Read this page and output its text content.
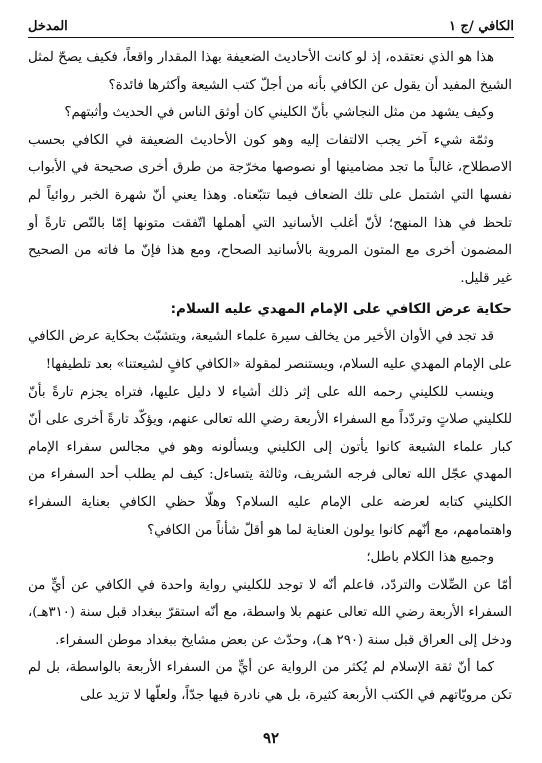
الكافي /ج ١
المدخل

هذا هو الذي نعتقده، إذ لو كانت الأحاديث الضعيفة بهذا المقدار واقعاً، فكيف يصحّ لمثل الشيخ المفيد أن يقول عن الكافي بأنه من أجلّ كتب الشيعة وأكثرها فائدة؟

وكيف يشهد من مثل النجاشي بأنّ الكليني كان أوثق الناس في الحديث وأثبتهم؟

وثمّة شيء آخر يجب الالتفات إليه وهو كون الأحاديث الضعيفة في الكافي بحسب الاصطلاح، غالباً ما تجد مضامينها أو نصوصها مخرّجة من طرق أخرى صحيحة في الأبواب نفسها التي اشتمل على تلك الضعاف فيما تتبّعناه. وهذا يعني أنّ شهرة الخبر روائياً لم تلحظ في هذا المنهج؛ لأنّ أغلب الأسانيد التي أهملها اتّفقت متونها إمّا بالنّص تارةً أو المضمون أخرى مع المتون المروية بالأسانيد الصحاح، ومع هذا فإنّ ما فاته من الصحيح غير قليل.

حكاية عرض الكافي على الإمام المهدي عليه السلام:

قد تجد في الأوان الأخير من يخالف سيرة علماء الشيعة، ويتشبّث بحكاية عرض الكافي على الإمام المهدي عليه السلام، ويستنصر لمقولة «الكافي كافٍ لشيعتنا» بعد تلطيفها!

وينسب للكليني رحمه الله على إثر ذلك أشياء لا دليل عليها، فتراه يجزم تارةً بأنّ للكليني صلاتٍ وتردّداً مع السفراء الأربعة رضي الله تعالى عنهم، ويؤكّد تارةً أخرى على أنّ كبار علماء الشيعة كانوا يأتون إلى الكليني ويسألونه وهو في مجالس سفراء الإمام المهدي عجّل الله تعالى فرجه الشريف، وثالثة يتساءل: كيف لم يطلب أحد السفراء من الكليني كتابه لعرضه على الإمام عليه السلام؟ وهلّا حظي الكافي بعناية السفراء واهتمامهم، مع أنّهم كانوا يولون العناية لما هو أقلّ شأناً من الكافي؟

وجميع هذا الكلام باطل؛

أمّا عن الصِّلات والتردّد، فاعلم أنّه لا توجد للكليني رواية واحدة في الكافي عن أيٍّ من السفراء الأربعة رضي الله تعالى عنهم بلا واسطة، مع أنّه استقرّ ببغداد قبل سنة (٣١٠هـ)، ودخل إلى العراق قبل سنة (٢٩٠ هـ)، وحدّث عن بعض مشايخ ببغداد موطن السفراء.

كما أنّ ثقة الإسلام لم يُكثر من الرواية عن أيٍّ من السفراء الأربعة بالواسطة، بل لم تكن مرويّاتهم في الكتب الأربعة كثيرة، بل هي نادرة فيها جدّاً، ولعلّها لا تزيد على

٩٢
